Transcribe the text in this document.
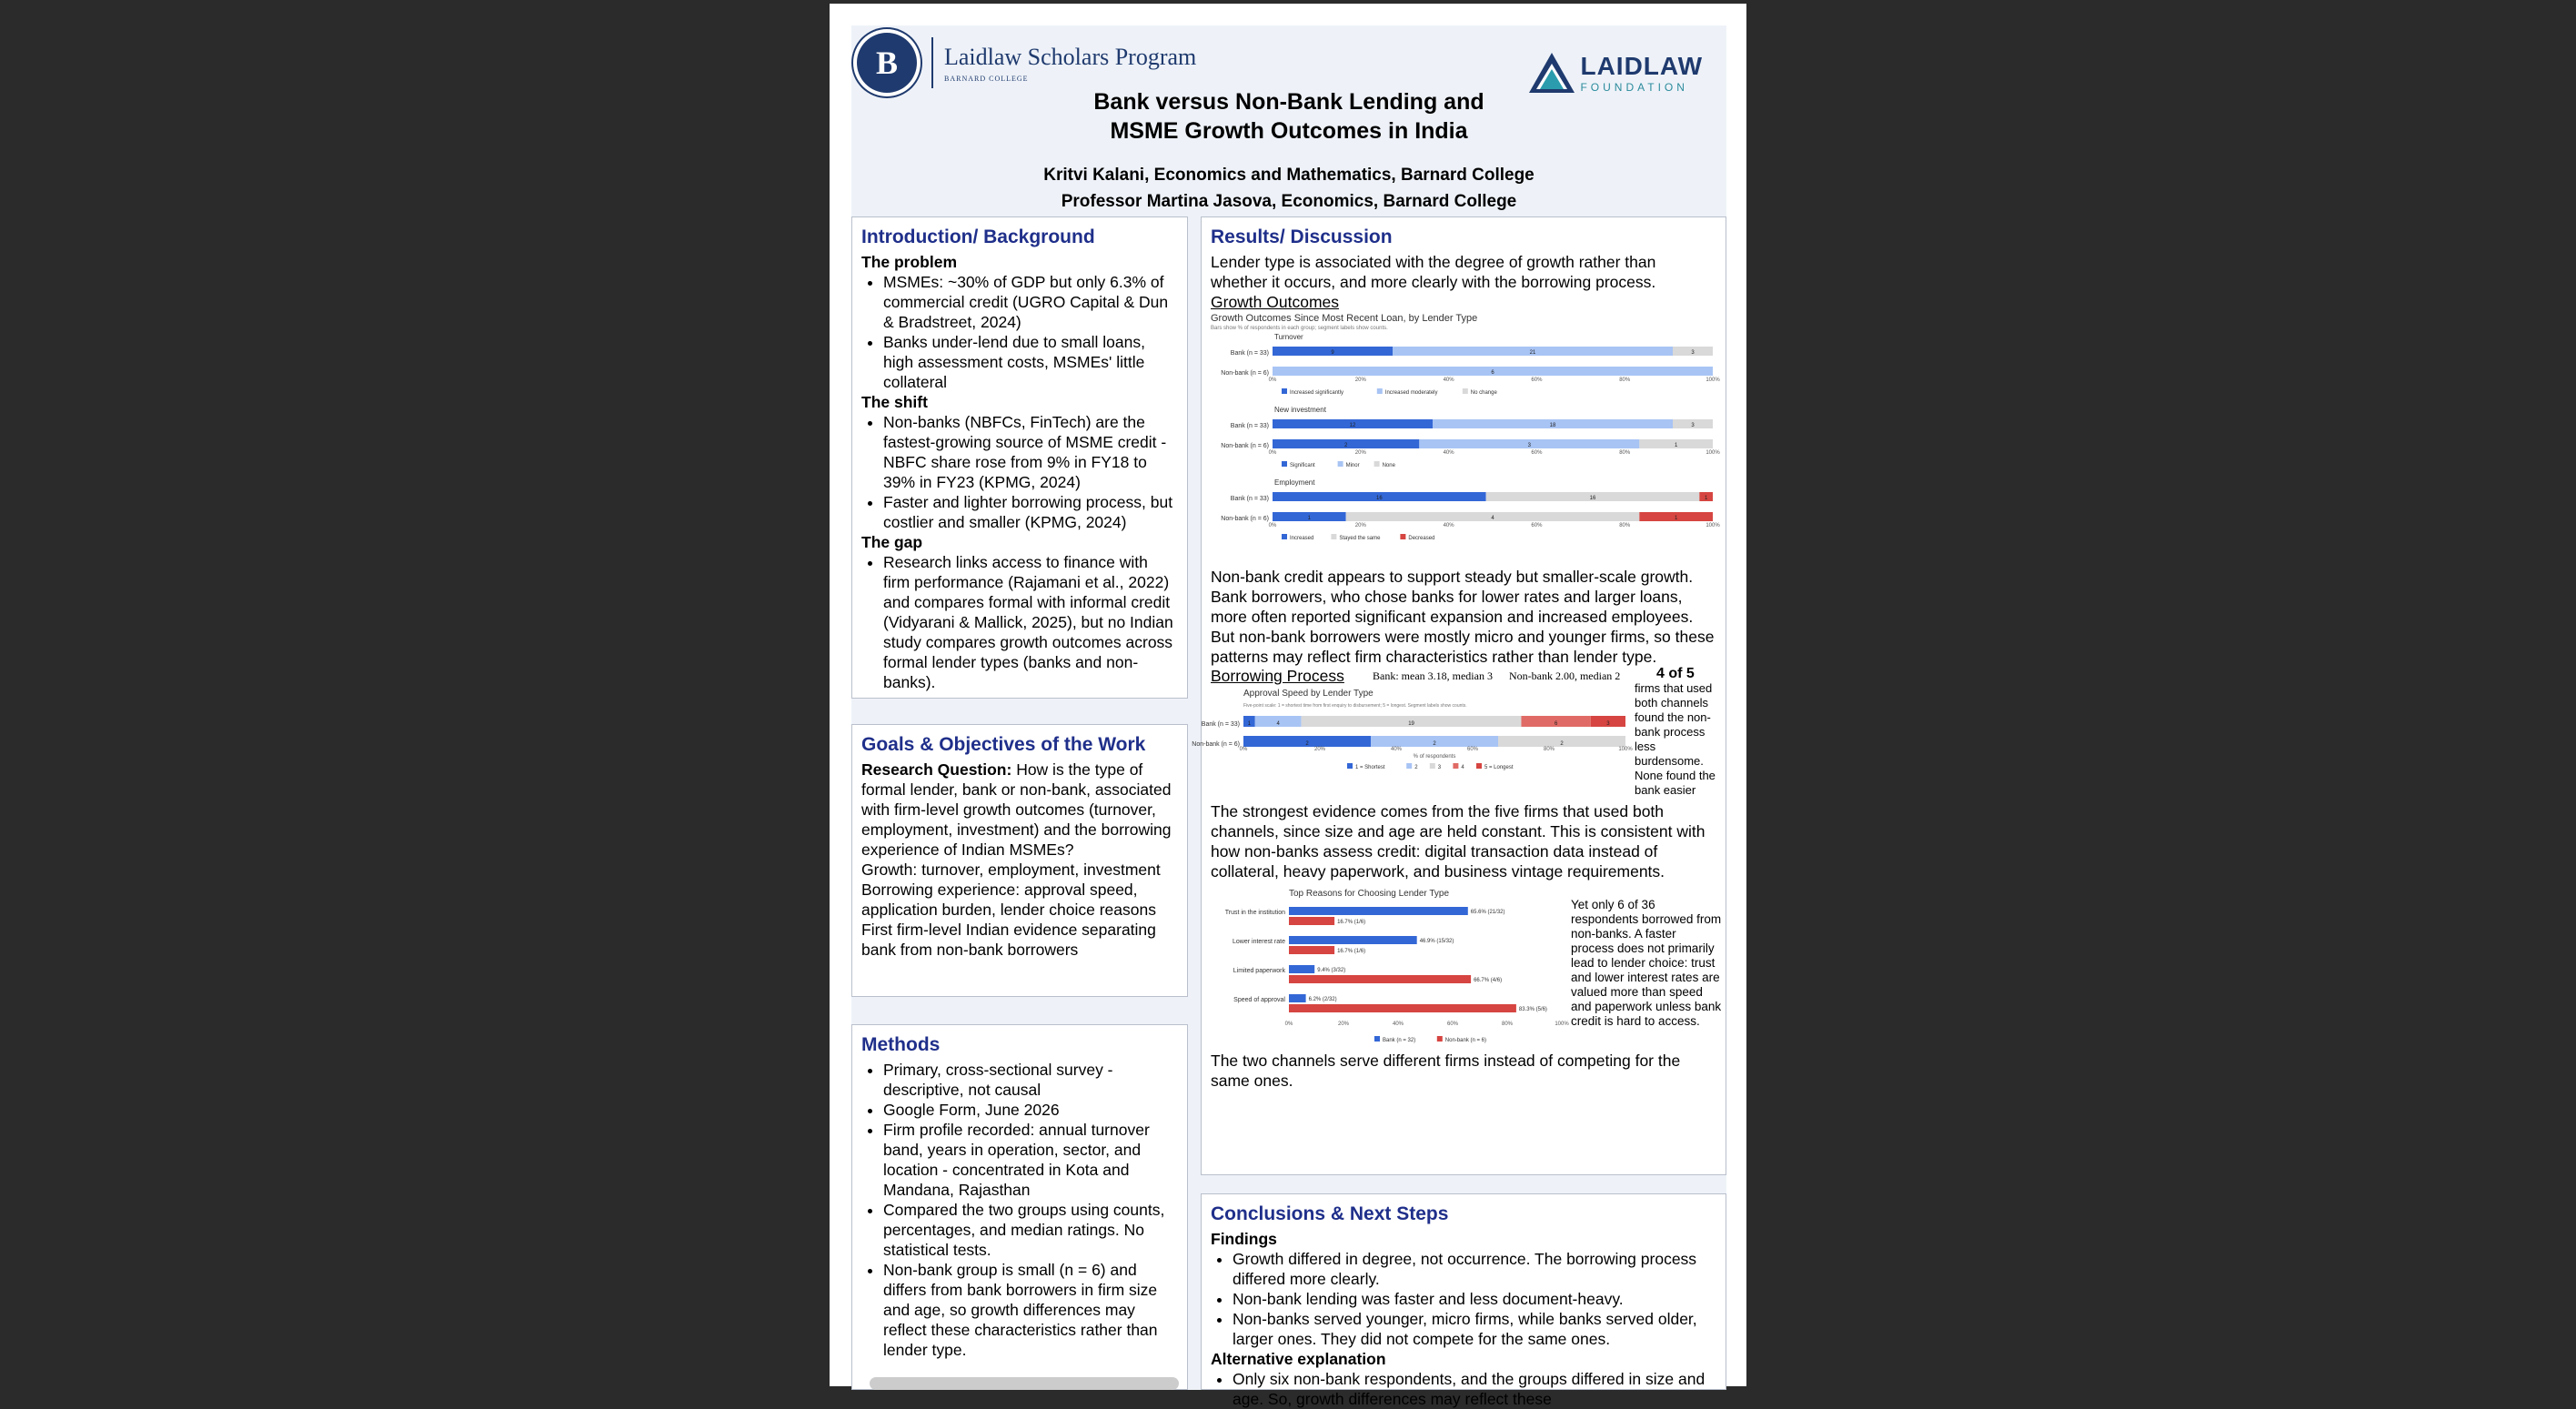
B	Laidlaw Scholars Program
BARNARD COLLEGE	LAIDLAW
FOUNDATION
Bank versus Non-Bank Lending and
MSME Growth Outcomes in India
Kritvi Kalani, Economics and Mathematics, Barnard College
Professor Martina Jasova, Economics, Barnard College
Introduction/ Background
The problem
• MSMEs: ~30% of GDP but only 6.3% of commercial credit (UGRO Capital & Dun & Bradstreet, 2024)
• Banks under-lend due to small loans, high assessment costs, MSMEs' little collateral
The shift
• Non-banks (NBFCs, FinTech) are the fastest-growing source of MSME credit - NBFC share rose from 9% in FY18 to 39% in FY23 (KPMG, 2024)
• Faster and lighter borrowing process, but costlier and smaller (KPMG, 2024)
The gap
• Research links access to finance with firm performance (Rajamani et al., 2022) and compares formal with informal credit (Vidyarani & Mallick, 2025), but no Indian study compares growth outcomes across formal lender types (banks and non-banks).
Goals & Objectives of the Work
Research Question: How is the type of formal lender, bank or non-bank, associated with firm-level growth outcomes (turnover, employment, investment) and the borrowing experience of Indian MSMEs?
Growth: turnover, employment, investment
Borrowing experience: approval speed, application burden, lender choice reasons
First firm-level Indian evidence separating bank from non-bank borrowers
Methods
• Primary, cross-sectional survey - descriptive, not causal
• Google Form, June 2026
• Firm profile recorded: annual turnover band, years in operation, sector, and location - concentrated in Kota and Mandana, Rajasthan
• Compared the two groups using counts, percentages, and median ratings. No statistical tests.
• Non-bank group is small (n = 6) and differs from bank borrowers in firm size and age, so growth differences may reflect these characteristics rather than lender type.
Results/ Discussion
Lender type is associated with the degree of growth rather than whether it occurs, and more clearly with the borrowing process.
Growth Outcomes
Growth Outcomes Since Most Recent Loan, by Lender Type
Bars show % of respondents in each group; segment labels show counts.
Turnover
Bank (n = 33)	9	21	3
Non-bank (n = 6)	6
0%	20%	40%	60%	80%	100%
Increased significantly	Increased moderately	No change
New investment
Bank (n = 33)	12	18	3
Non-bank (n = 6)	2	3	1
0%	20%	40%	60%	80%	100%
Significant	Minor	None
Employment
Bank (n = 33)	16	16	1
Non-bank (n = 6)	1	4	1
0%	20%	40%	60%	80%	100%
Increased	Stayed the same	Decreased
Non-bank credit appears to support steady but smaller-scale growth. Bank borrowers, who chose banks for lower rates and larger loans, more often reported significant expansion and increased employees.
But non-bank borrowers were mostly micro and younger firms, so these patterns may reflect firm characteristics rather than lender type.
Borrowing Process	Bank: mean 3.18, median 3      Non-bank 2.00, median 2
Approval Speed by Lender Type
Five-point scale: 1 = shortest time from first enquiry to disbursement; 5 = longest. Segment labels show counts.
Bank (n = 33) 1	4	19	6	3
Non-bank (n = 6)	2	2	2
0%	20%	40%	60%	80%	100%
% of respondents
1 = Shortest	2	3	4	5 = Longest
4 of 5
firms that used both channels found the non-bank process less burdensome. None found the bank easier
The strongest evidence comes from the five firms that used both channels, since size and age are held constant. This is consistent with how non-banks assess credit: digital transaction data instead of collateral, heavy paperwork, and business vintage requirements.
Top Reasons for Choosing Lender Type
Trust in the institution	65.6% (21/32)
16.7% (1/6)
Lower interest rate	46.9% (15/32)
16.7% (1/6)
Limited paperwork	9.4% (3/32)
66.7% (4/6)
Speed of approval	6.2% (2/32)
83.3% (5/6)
0%	20%	40%	60%	80%	100%
Bank (n = 32)	Non-bank (n = 6)
Yet only 6 of 36 respondents borrowed from non-banks. A faster process does not primarily lead to lender choice: trust and lower interest rates are valued more than speed and paperwork unless bank credit is hard to access.
The two channels serve different firms instead of competing for the same ones.
Conclusions & Next Steps
Findings
• Growth differed in degree, not occurrence. The borrowing process differed more clearly.
• Non-bank lending was faster and less document-heavy.
• Non-banks served younger, micro firms, while banks served older, larger ones. They did not compete for the same ones.
Alternative explanation
• Only six non-bank respondents, and the groups differed in size and age. So, growth differences may reflect these
